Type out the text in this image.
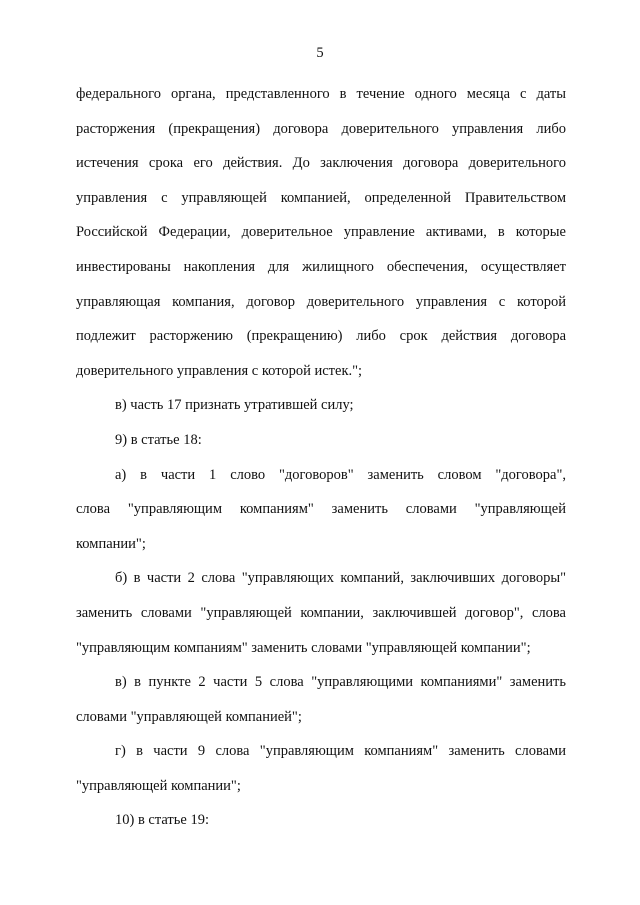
5
федерального органа, представленного в течение одного месяца с даты
расторжения (прекращения) договора доверительного управления либо
истечения срока его действия. До заключения договора доверительного
управления с управляющей компанией, определенной Правительством
Российской Федерации, доверительное управление активами, в которые
инвестированы накопления для жилищного обеспечения, осуществляет
управляющая компания, договор доверительного управления с которой
подлежит расторжению (прекращению) либо срок действия договора
доверительного управления с которой истек.";
в) часть 17 признать утратившей силу;
9) в статье 18:
а) в части 1 слово "договоров" заменить словом "договора",
слова "управляющим компаниям" заменить словами "управляющей
компании";
б) в части 2 слова "управляющих компаний, заключивших договоры"
заменить словами "управляющей компании, заключившей договор", слова
"управляющим компаниям" заменить словами "управляющей компании";
в) в пункте 2 части 5 слова "управляющими компаниями" заменить
словами "управляющей компанией";
г) в части 9 слова "управляющим компаниям" заменить словами
"управляющей компании";
10) в статье 19:
